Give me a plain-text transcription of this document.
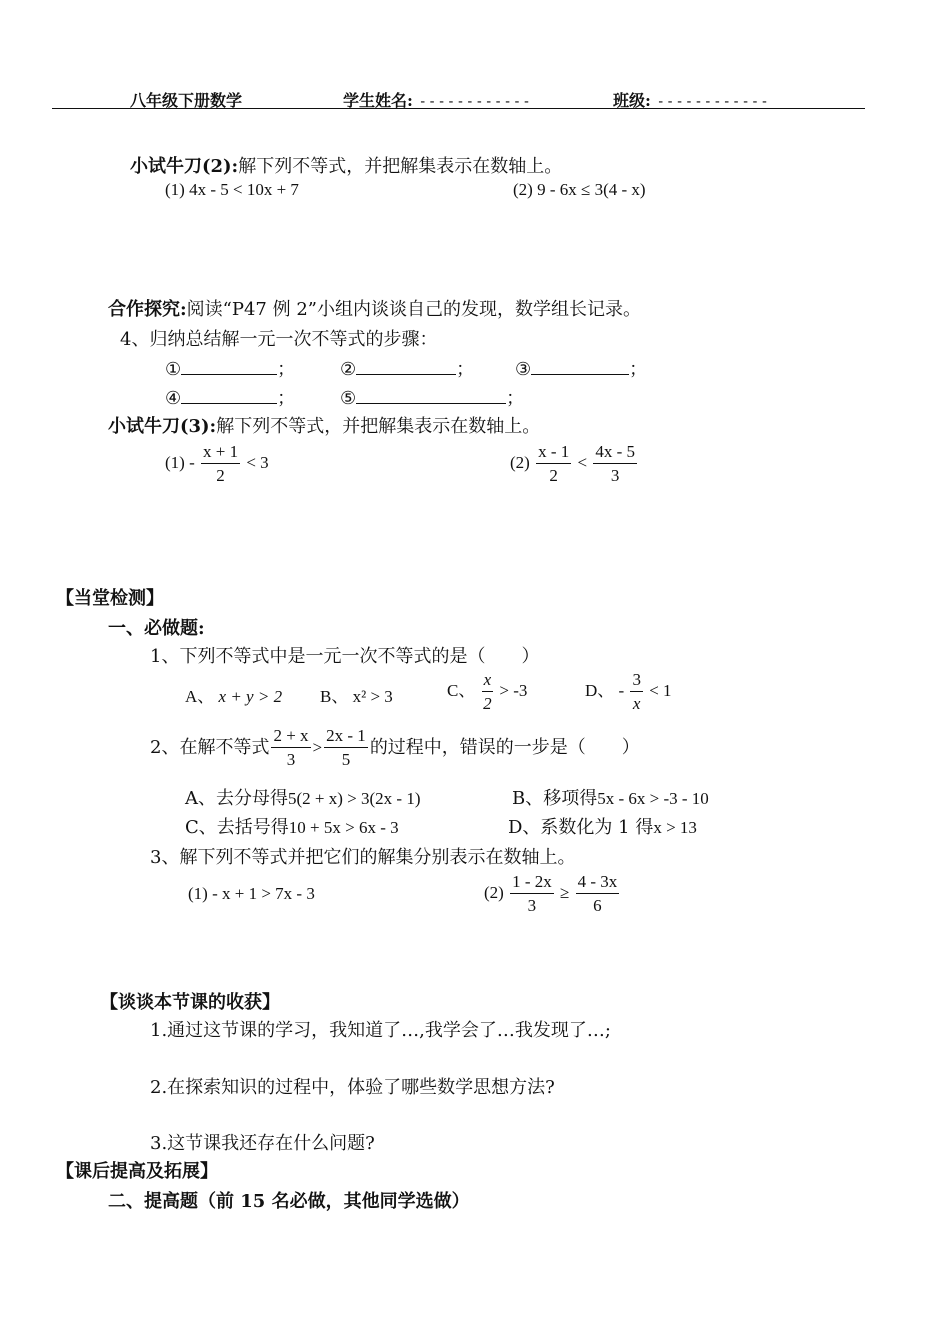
八年级下册数学	学生姓名: ------------	班级: ------------
小试牛刀(2):解下列不等式，并把解集表示在数轴上。
(1) 4x - 5 < 10x + 7	(2) 9 - 6x ≤ 3(4 - x)
合作探究:阅读“P47 例 2”小组内谈谈自己的发现，数学组长记录。
4、归纳总结解一元一次不等式的步骤：
①	； ②	； ③	；
④	； ⑤	；
小试牛刀(3):解下列不等式，并把解集表示在数轴上。
$(1) - \frac{x + 1}{2} < 3$	$(2) \frac{x - 1}{2} < \frac{4x - 5}{3}$
【当堂检测】
一、必做题:
1、下列不等式中是一元一次不等式的是（　　）
A、 x + y > 2 B、 x² > 3	C、 $\frac{x}{2} > -3$	D、 - $\frac{3}{x} < 1$
2、在解不等式 $\frac{2 + x}{3} > \frac{2x - 1}{5}$ 的过程中，错误的一步是（　　）
A、去分母得5(2 + x) > 3(2x - 1)	B、移项得5x - 6x > -3 - 10
C、去括号得10 + 5x > 6x - 3	D、系数化为 1 得x > 13
3、解下列不等式并把它们的解集分别表示在数轴上。
(1) - x + 1 > 7x - 3	$(2) \frac{1 - 2x}{3} \ge \frac{4 - 3x}{6}$
【谈谈本节课的收获】
1.通过这节课的学习，我知道了…,我学会了…我发现了…;
2.在探索知识的过程中，体验了哪些数学思想方法?
3.这节课我还存在什么问题?
【课后提高及拓展】
二、提高题（前 15 名必做，其他同学选做）
